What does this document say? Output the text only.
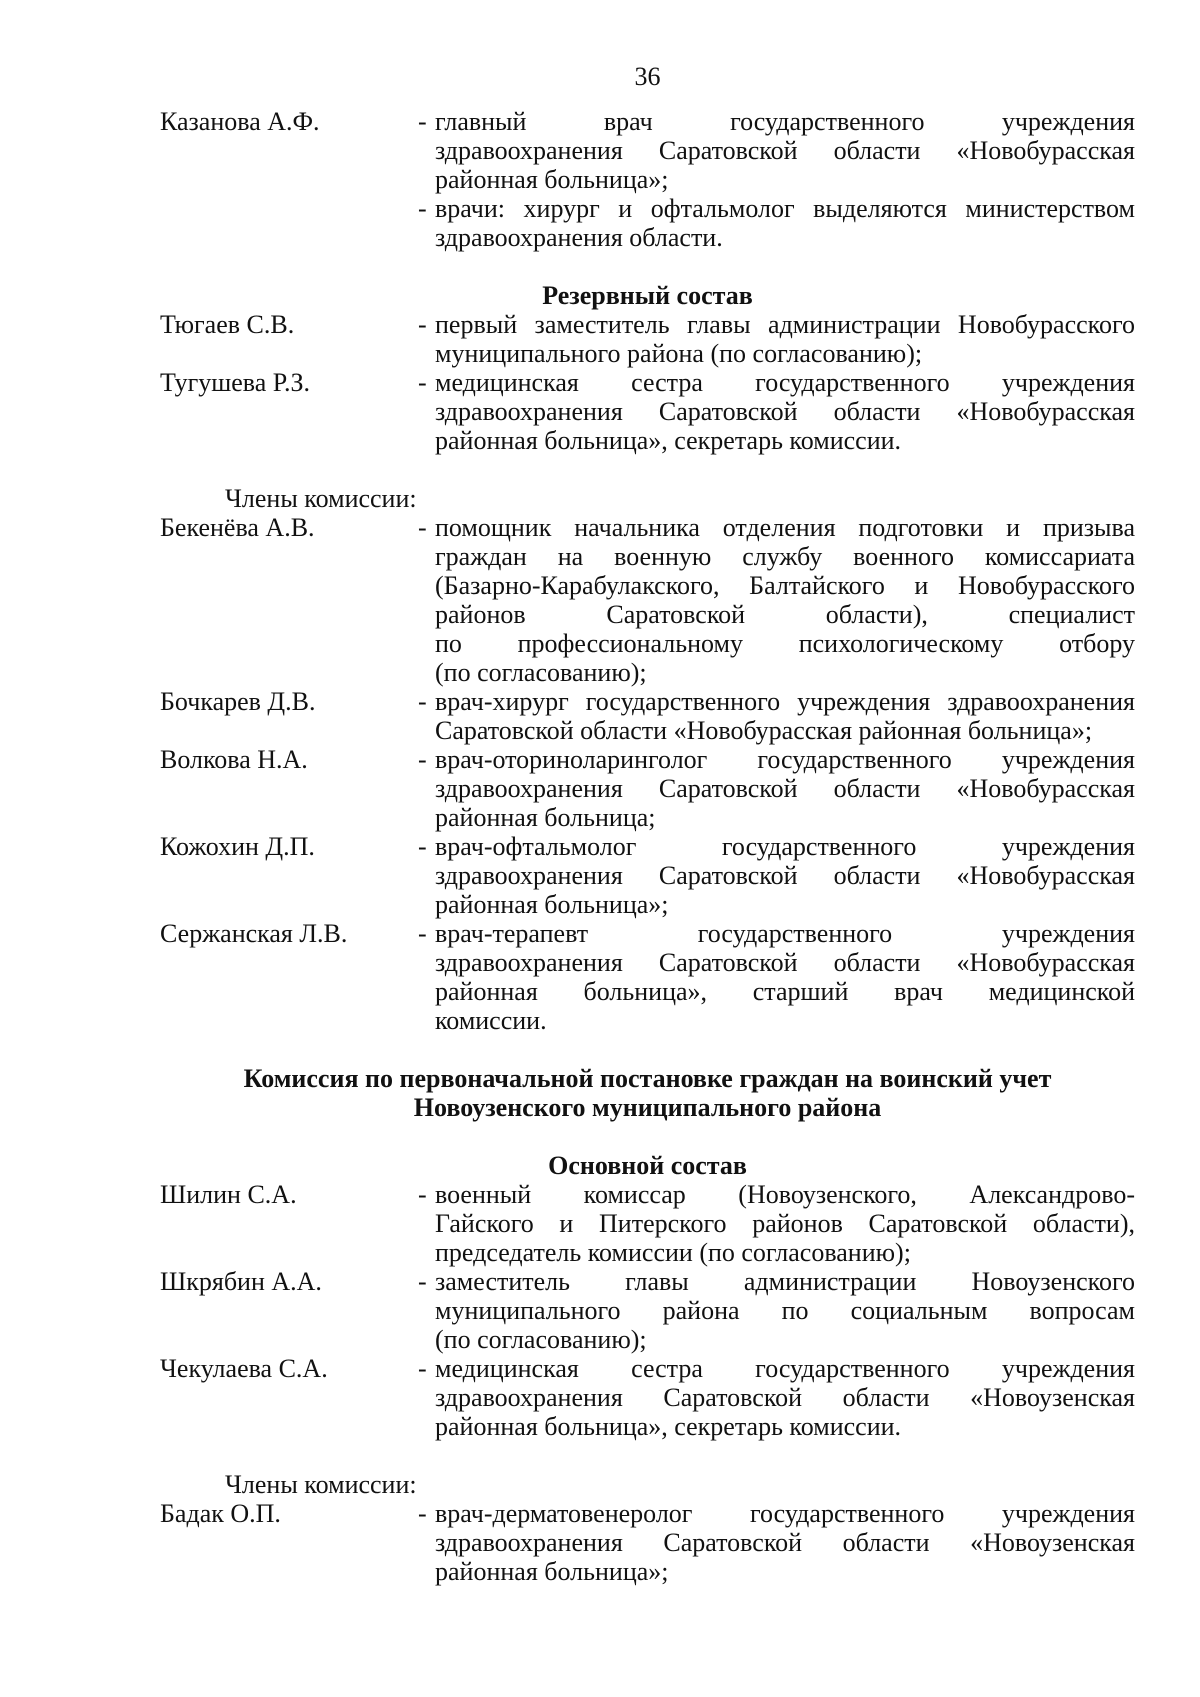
36
Казанова А.Ф.	- главный врач государственного учреждения
здравоохранения Саратовской области «Новобурасская
районная больница»;
- врачи: хирург и офтальмолог выделяются министерством
здравоохранения области.
Резервный состав
Тюгаев С.В.	- первый заместитель главы администрации Новобурасского
муниципального района (по согласованию);
Тугушева Р.З.	- медицинская сестра государственного учреждения
здравоохранения Саратовской области «Новобурасская
районная больница», секретарь комиссии.
Члены комиссии:
Бекенёва А.В.	- помощник начальника отделения подготовки и призыва
граждан на военную службу военного комиссариата
(Базарно-Карабулакского, Балтайского и Новобурасского
районов Саратовской области), специалист
по профессиональному психологическому отбору
(по согласованию);
Бочкарев Д.В.	- врач-хирург государственного учреждения здравоохранения
Саратовской области «Новобурасская районная больница»;
Волкова Н.А.	- врач-оториноларинголог государственного учреждения
здравоохранения Саратовской области «Новобурасская
районная больница;
Кожохин Д.П.	- врач-офтальмолог государственного учреждения
здравоохранения Саратовской области «Новобурасская
районная больница»;
Сержанская Л.В.	- врач-терапевт государственного учреждения
здравоохранения Саратовской области «Новобурасская
районная больница», старший врач медицинской
комиссии.
Комиссия по первоначальной постановке граждан на воинский учет
Новоузенского муниципального района
Основной состав
Шилин С.А.	- военный комиссар (Новоузенского, Александрово-
Гайского и Питерского районов Саратовской области),
председатель комиссии (по согласованию);
Шкрябин А.А.	- заместитель главы администрации Новоузенского
муниципального района по социальным вопросам
(по согласованию);
Чекулаева С.А.	- медицинская сестра государственного учреждения
здравоохранения Саратовской области «Новоузенская
районная больница», секретарь комиссии.
Члены комиссии:
Бадак О.П.	- врач-дерматовенеролог государственного учреждения
здравоохранения Саратовской области «Новоузенская
районная больница»;
